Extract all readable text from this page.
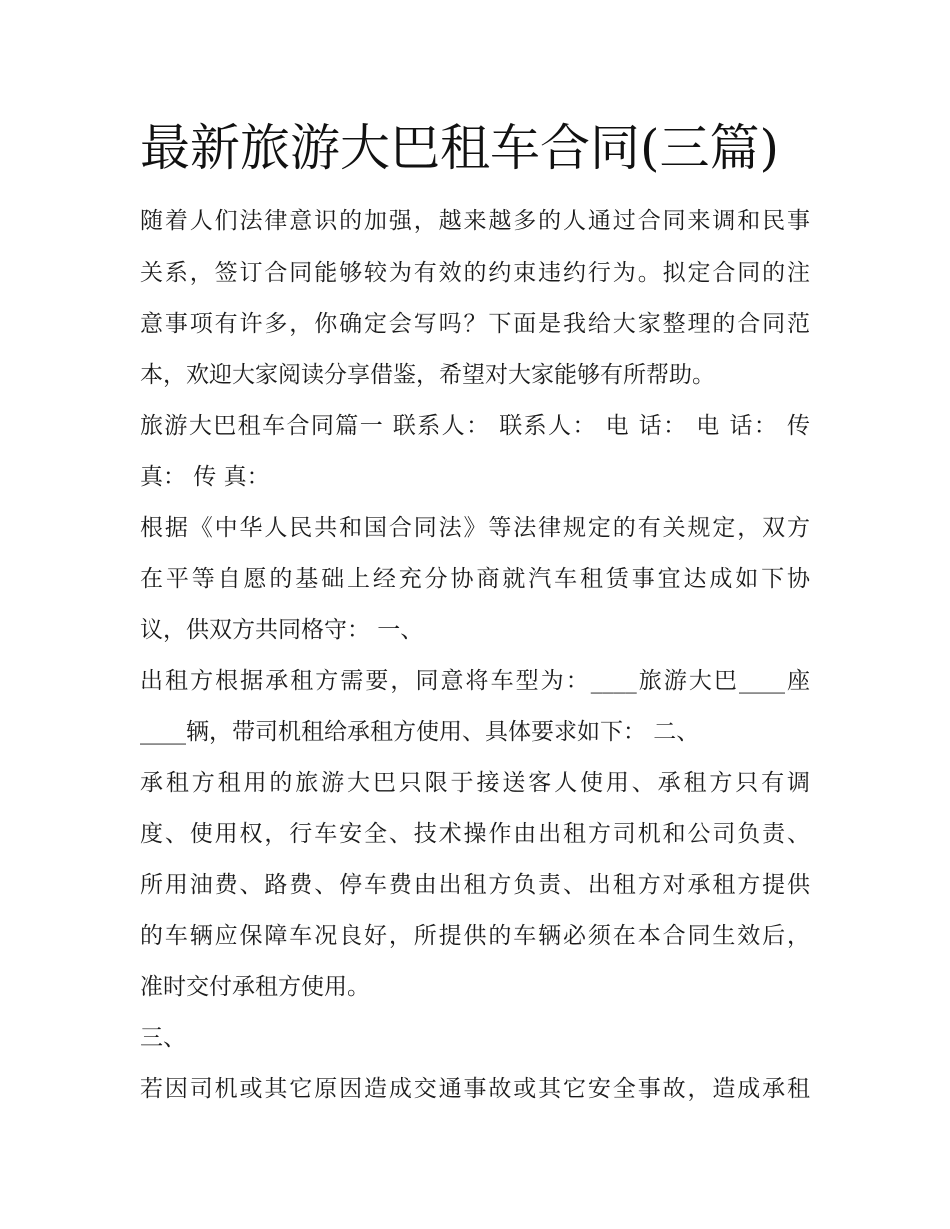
最新旅游大巴租车合同(三篇)

随着人们法律意识的加强，越来越多的人通过合同来调和民事

关系，签订合同能够较为有效的约束违约行为。拟定合同的注

意事项有许多，你确定会写吗？下面是我给大家整理的合同范

本，欢迎大家阅读分享借鉴，希望对大家能够有所帮助。

旅游大巴租车合同篇一 联系人： 联系人： 电 话： 电 话： 传

真： 传 真：

根据《中华人民共和国合同法》等法律规定的有关规定，双方

在平等自愿的基础上经充分协商就汽车租赁事宜达成如下协

议，供双方共同格守： 一、

出租方根据承租方需要，同意将车型为：____旅游大巴____座

____辆，带司机租给承租方使用、具体要求如下： 二、

承租方租用的旅游大巴只限于接送客人使用、承租方只有调

度、使用权，行车安全、技术操作由出租方司机和公司负责、

所用油费、路费、停车费由出租方负责、出租方对承租方提供

的车辆应保障车况良好，所提供的车辆必须在本合同生效后，

准时交付承租方使用。

三、

若因司机或其它原因造成交通事故或其它安全事故，造成承租
